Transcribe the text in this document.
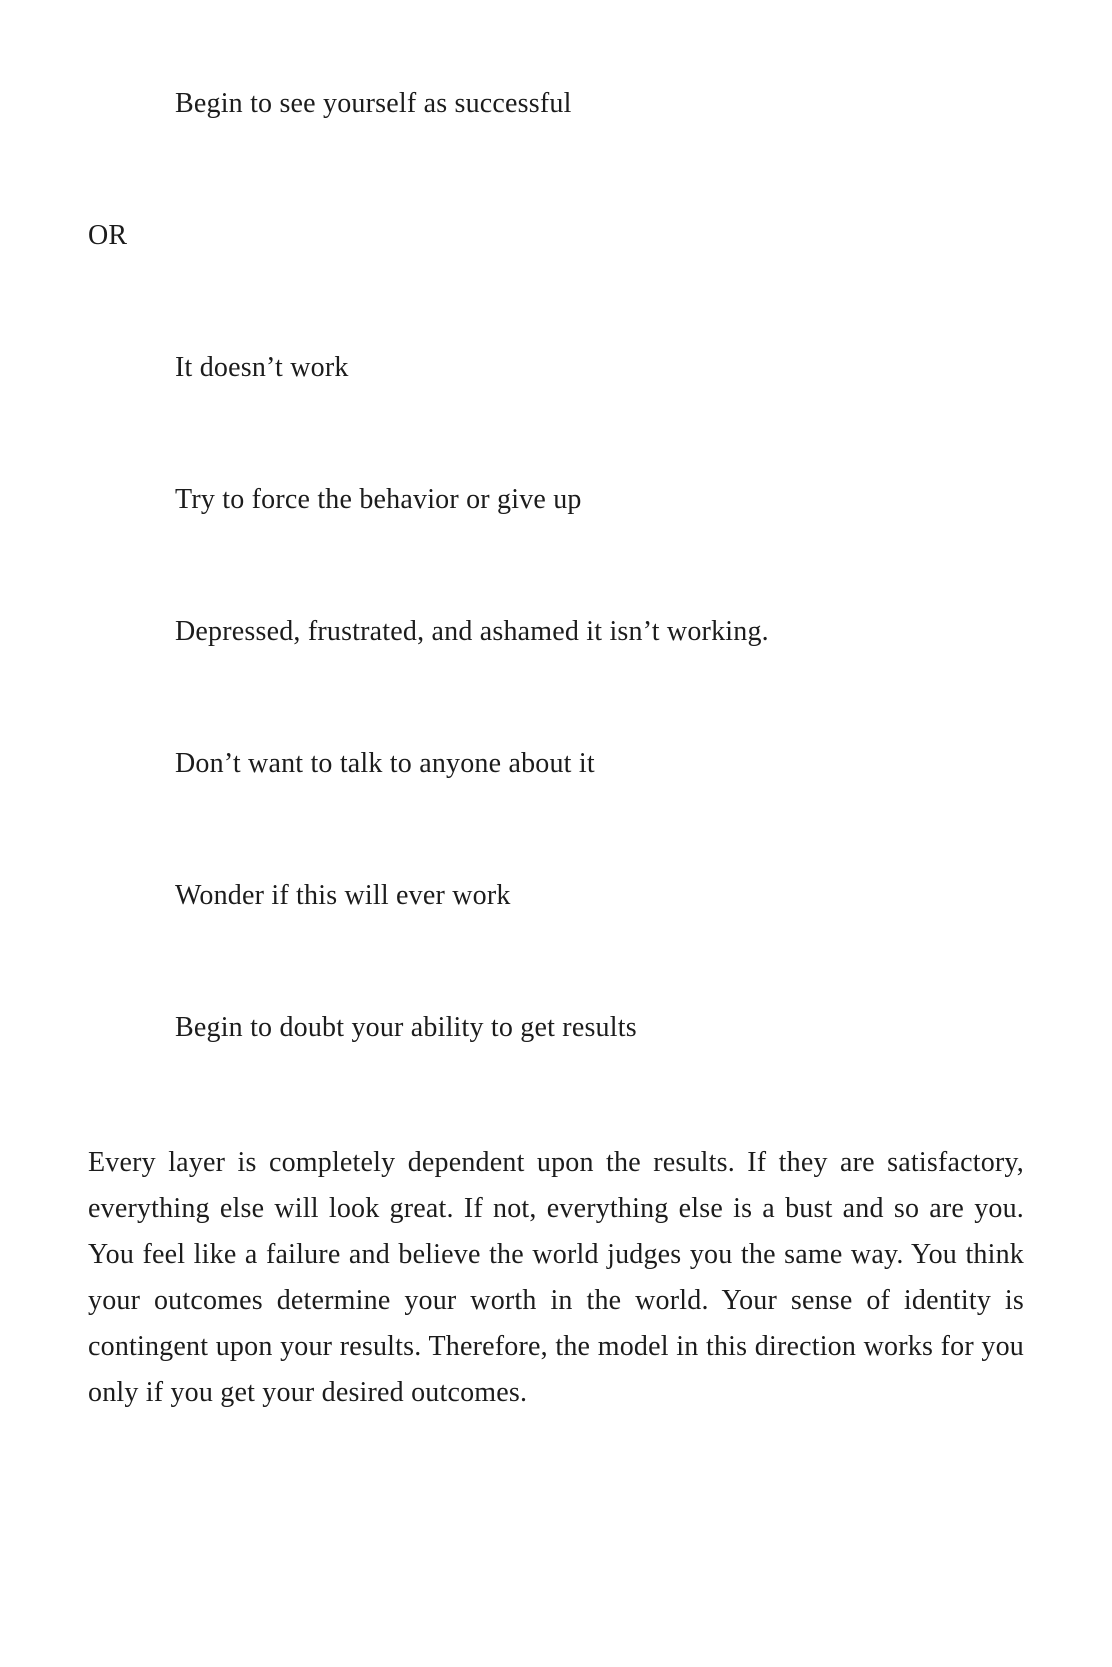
Begin to see yourself as successful

OR

It doesn’t work

Try to force the behavior or give up

Depressed, frustrated, and ashamed it isn’t working.

Don’t want to talk to anyone about it

Wonder if this will ever work

Begin to doubt your ability to get results

Every layer is completely dependent upon the results. If they are satisfactory, everything else will look great. If not, everything else is a bust and so are you. You feel like a failure and believe the world judges you the same way. You think your outcomes determine your worth in the world. Your sense of identity is contingent upon your results. Therefore, the model in this direction works for you only if you get your desired outcomes.
